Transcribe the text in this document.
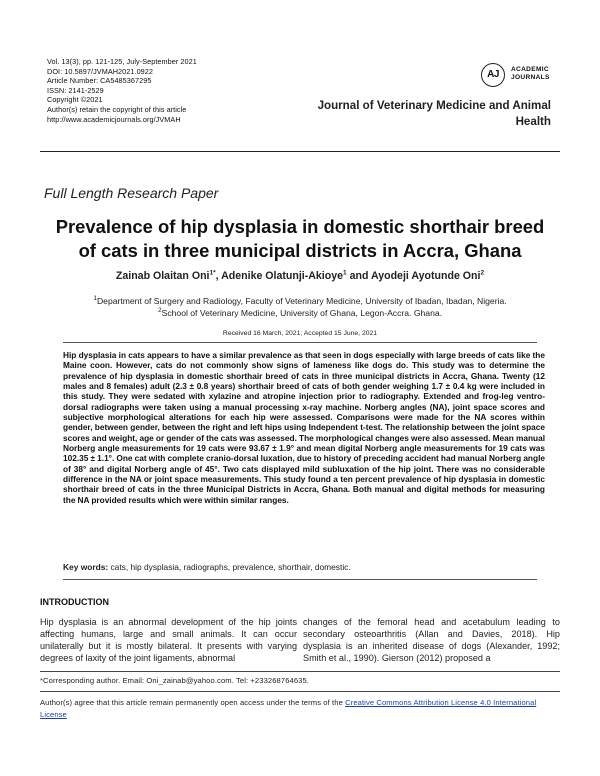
Vol. 13(3), pp. 121-125, July-September 2021
DOI: 10.5897/JVMAH2021.0922
Article Number: CA5485367295
ISSN: 2141-2529
Copyright ©2021
Author(s) retain the copyright of this article
http://www.academicjournals.org/JVMAH
AJ	ACADEMIC
JOURNALS
Journal of Veterinary Medicine and Animal
Health
Full Length Research Paper
Prevalence of hip dysplasia in domestic shorthair breed
of cats in three municipal districts in Accra, Ghana
Zainab Olaitan Oni$^{1*}$, Adenike Olatunji-Akioye$^1$ and Ayodeji Ayotunde Oni$^2$
$^1$Department of Surgery and Radiology, Faculty of Veterinary Medicine, University of Ibadan, Ibadan, Nigeria.
$^2$School of Veterinary Medicine, University of Ghana, Legon-Accra. Ghana.
Received 16 March, 2021; Accepted 15 June, 2021
Hip dysplasia in cats appears to have a similar prevalence as that seen in dogs especially with large breeds of cats like the Maine coon. However, cats do not commonly show signs of lameness like dogs do. This study was to determine the prevalence of hip dysplasia in domestic shorthair breed of cats in three municipal districts in Accra, Ghana. Twenty (12 males and 8 females) adult (2.3 ± 0.8 years) shorthair breed of cats of both gender weighing 1.7 ± 0.4 kg were included in this study. They were sedated with xylazine and atropine injection prior to radiography. Extended and frog-leg ventro-dorsal radiographs were taken using a manual processing x-ray machine. Norberg angles (NA), joint space scores and subjective morphological alterations for each hip were assessed. Comparisons were made for the NA scores within gender, between gender, between the right and left hips using Independent t-test. The relationship between the joint space scores and weight, age or gender of the cats was assessed. The morphological changes were also assessed. Mean manual Norberg angle measurements for 19 cats were 93.67 ± 1.9° and mean digital Norberg angle measurements for 19 cats was 102.35 ± 1.1°. One cat with complete cranio-dorsal luxation, due to history of preceding accident had manual Norberg angle of 38° and digital Norberg angle of 45°. Two cats displayed mild subluxation of the hip joint. There was no considerable difference in the NA or joint space measurements. This study found a ten percent prevalence of hip dysplasia in domestic shorthair breed of cats in the three Municipal Districts in Accra, Ghana. Both manual and digital methods for measuring the NA provided results which were within similar ranges.
Key words: cats, hip dysplasia, radiographs, prevalence, shorthair, domestic.
INTRODUCTION
Hip dysplasia is an abnormal development of the hip joints affecting humans, large and small animals. It can occur unilaterally but it is mostly bilateral. It presents with varying degrees of laxity of the joint ligaments, abnormal
changes of the femoral head and acetabulum leading to secondary osteoarthritis (Allan and Davies, 2018). Hip dysplasia is an inherited disease of dogs (Alexander, 1992; Smith et al., 1990). Gierson (2012) proposed a
*Corresponding author. Email: Oni_zainab@yahoo.com. Tel: +233268764635.
Author(s) agree that this article remain permanently open access under the terms of the Creative Commons Attribution License 4.0 International License
